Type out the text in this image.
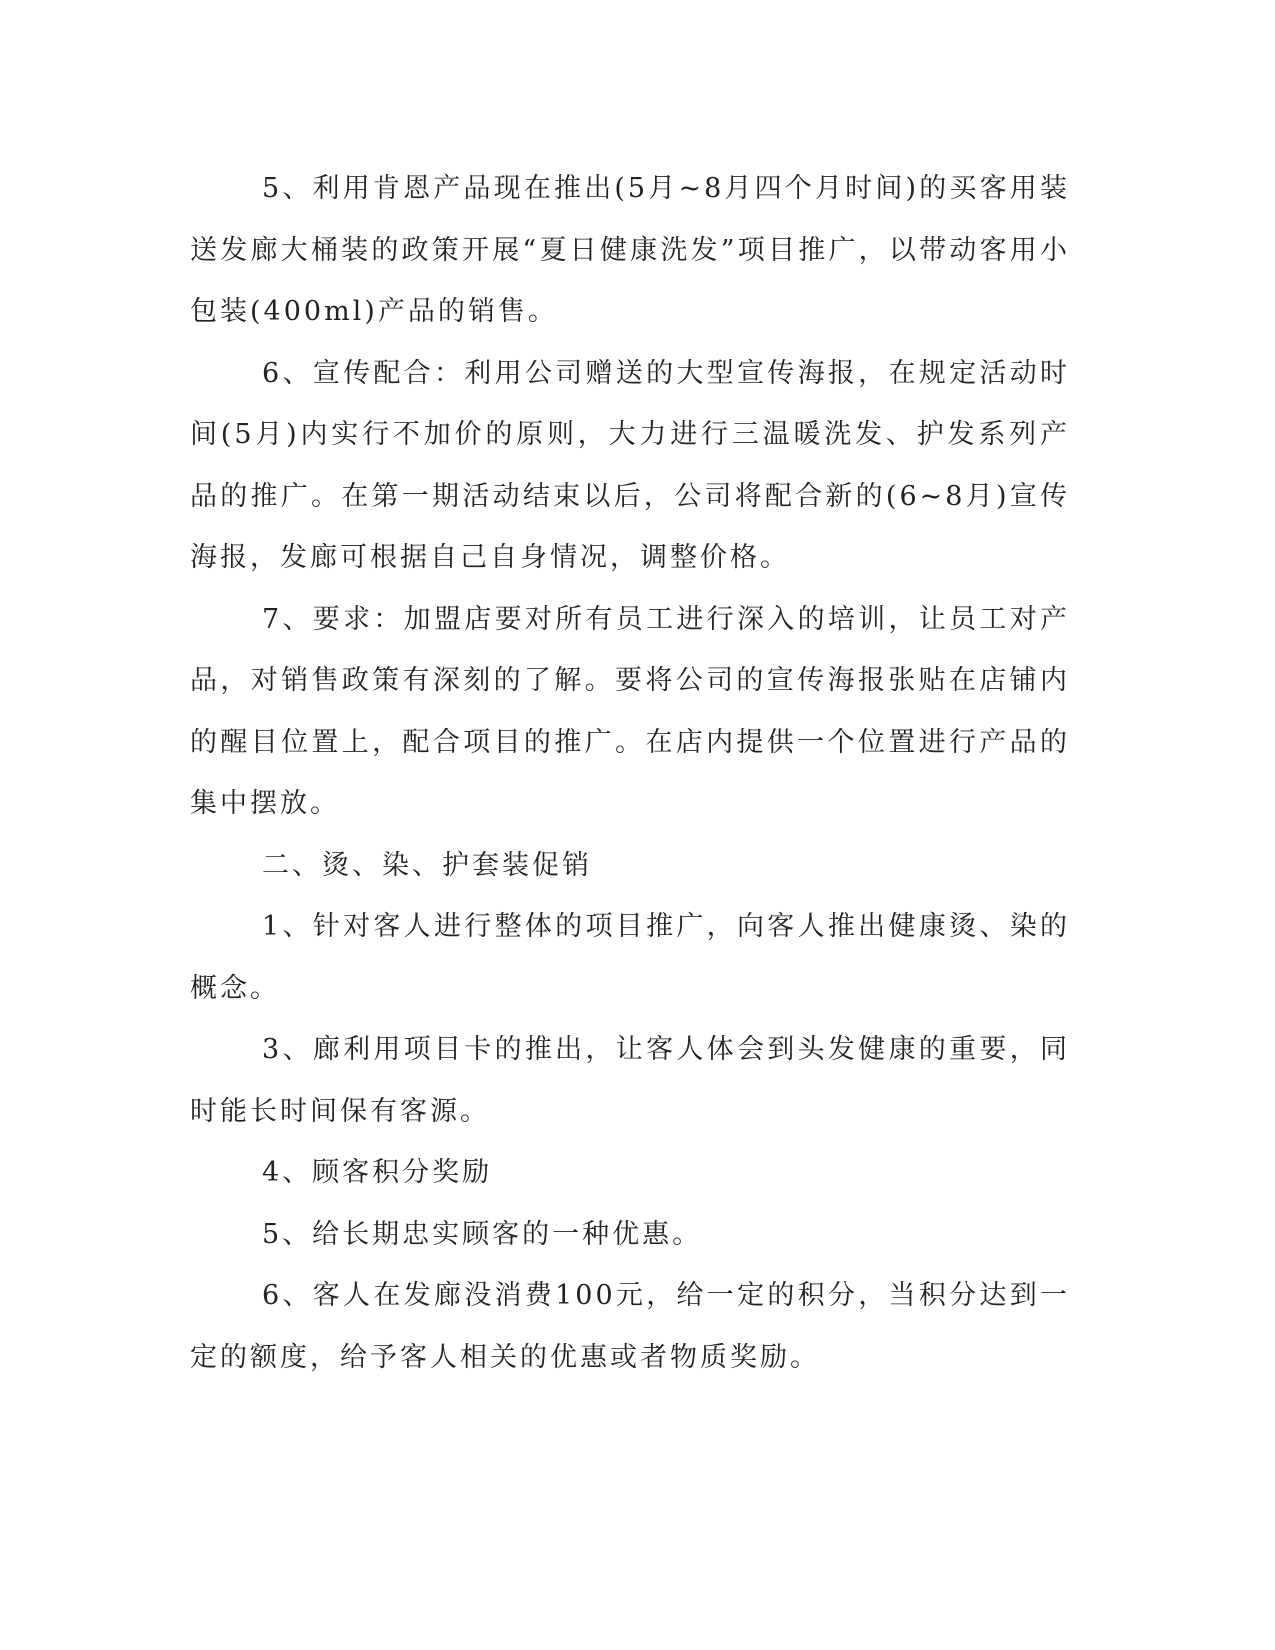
5、利用肯恩产品现在推出(5月~8月四个月时间)的买客用装送发廊大桶装的政策开展“夏日健康洗发”项目推广，以带动客用小包装(400ml)产品的销售。

6、宣传配合：利用公司赠送的大型宣传海报，在规定活动时间(5月)内实行不加价的原则，大力进行三温暖洗发、护发系列产品的推广。在第一期活动结束以后，公司将配合新的(6~8月)宣传海报，发廊可根据自己自身情况，调整价格。

7、要求：加盟店要对所有员工进行深入的培训，让员工对产品，对销售政策有深刻的了解。要将公司的宣传海报张贴在店铺内的醒目位置上，配合项目的推广。在店内提供一个位置进行产品的集中摆放。

二、烫、染、护套装促销

1、针对客人进行整体的项目推广，向客人推出健康烫、染的概念。

3、廊利用项目卡的推出，让客人体会到头发健康的重要，同时能长时间保有客源。

4、顾客积分奖励

5、给长期忠实顾客的一种优惠。

6、客人在发廊没消费100元，给一定的积分，当积分达到一定的额度，给予客人相关的优惠或者物质奖励。
